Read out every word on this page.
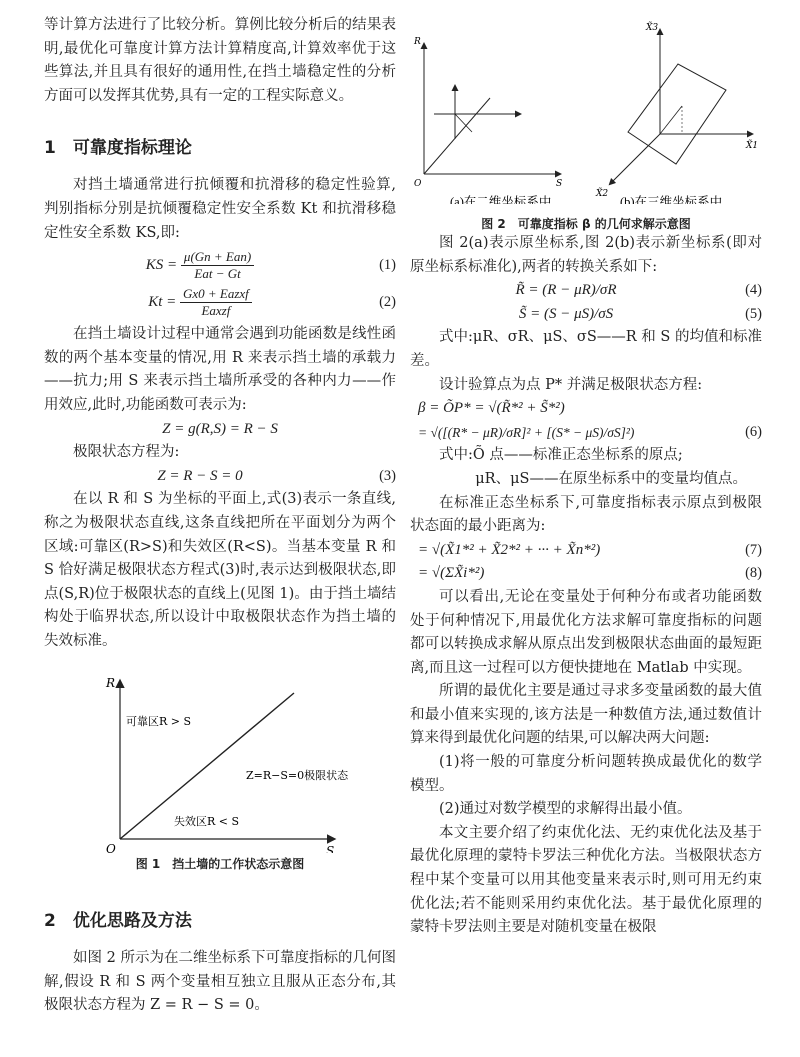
等计算方法进行了比较分析。算例比较分析后的结果表明,最优化可靠度计算方法计算精度高,计算效率优于这些算法,并且具有很好的通用性,在挡土墙稳定性的分析方面可以发挥其优势,具有一定的工程实际意义。

1　可靠度指标理论

对挡土墙通常进行抗倾覆和抗滑移的稳定性验算,判别指标分别是抗倾覆稳定性安全系数 Kt 和抗滑移稳定性安全系数 KS,即:

KS = $\frac{\text{μ(Gn + Ean)}}{\text{Eat − Gt}}$	(1)
$Kt = \frac{\text{Gx0 + Eazxf}}{\text{Eaxzf}}$	(2)

在挡土墙设计过程中通常会遇到功能函数是线性函数的两个基本变量的情况,用 R 来表示挡土墙的承载力——抗力;用 S 来表示挡土墙所承受的各种内力——作用效应,此时,功能函数可表示为:

Z = g(R,S) = R − S

极限状态方程为:

Z = R − S = 0	(3)

在以 R 和 S 为坐标的平面上,式(3)表示一条直线,称之为极限状态直线,这条直线把所在平面划分为两个区域:可靠区(R>S)和失效区(R<S)。当基本变量 R 和 S 恰好满足极限状态方程式(3)时,表示达到极限状态,即点(S,R)位于极限状态的直线上(见图 1)。由于挡土墙结构处于临界状态,所以设计中取极限状态作为挡土墙的失效标准。

R
S
O
可靠区R > S
Z=R−S=0极限状态
失效区R < S
图 1　挡土墙的工作状态示意图
2　优化思路及方法

如图 2 所示为在二维坐标系下可靠度指标的几何图解,假设 R 和 S 两个变量相互独立且服从正态分布,其极限状态方程为 Z = R − S = 0。

R
S
O
X̃3
X̃1
X̃2
(a)在二维坐标系中	(b)在三维坐标系中
图 2　可靠度指标 β 的几何求解示意图

图 2(a)表示原坐标系,图 2(b)表示新坐标系(即对原坐标系标准化),两者的转换关系如下:

R̃ = (R − μR)/σR	(4)
S̃ = (S − μS)/σS	(5)

式中:μR、σR、μS、σS——R 和 S 的均值和标准差。

设计验算点为点 P* 并满足极限状态方程:

β = ÕP* = √(R̃*² + S̃*²)
= √([(R* − μR)/σR]² + [(S* − μS)/σS]²)	(6)

式中:Õ 点——标准正态坐标系的原点;

μR、μS——在原坐标系中的变量均值点。

在标准正态坐标系下,可靠度指标表示原点到极限状态面的最小距离为:

= √(X̃1*² + X̃2*² + ··· + X̃n*²)	(7)
= √(ΣX̃i*²)	(8)

可以看出,无论在变量处于何种分布或者功能函数处于何种情况下,用最优化方法求解可靠度指标的问题都可以转换成求解从原点出发到极限状态曲面的最短距离,而且这一过程可以方便快捷地在 Matlab 中实现。

所谓的最优化主要是通过寻求多变量函数的最大值和最小值来实现的,该方法是一种数值方法,通过数值计算来得到最优化问题的结果,可以解决两大问题:

(1)将一般的可靠度分析问题转换成最优化的数学模型。

(2)通过对数学模型的求解得出最小值。

本文主要介绍了约束优化法、无约束优化法及基于最优化原理的蒙特卡罗法三种优化方法。当极限状态方程中某个变量可以用其他变量来表示时,则可用无约束优化法;若不能则采用约束优化法。基于最优化原理的蒙特卡罗法则主要是对随机变量在极限
